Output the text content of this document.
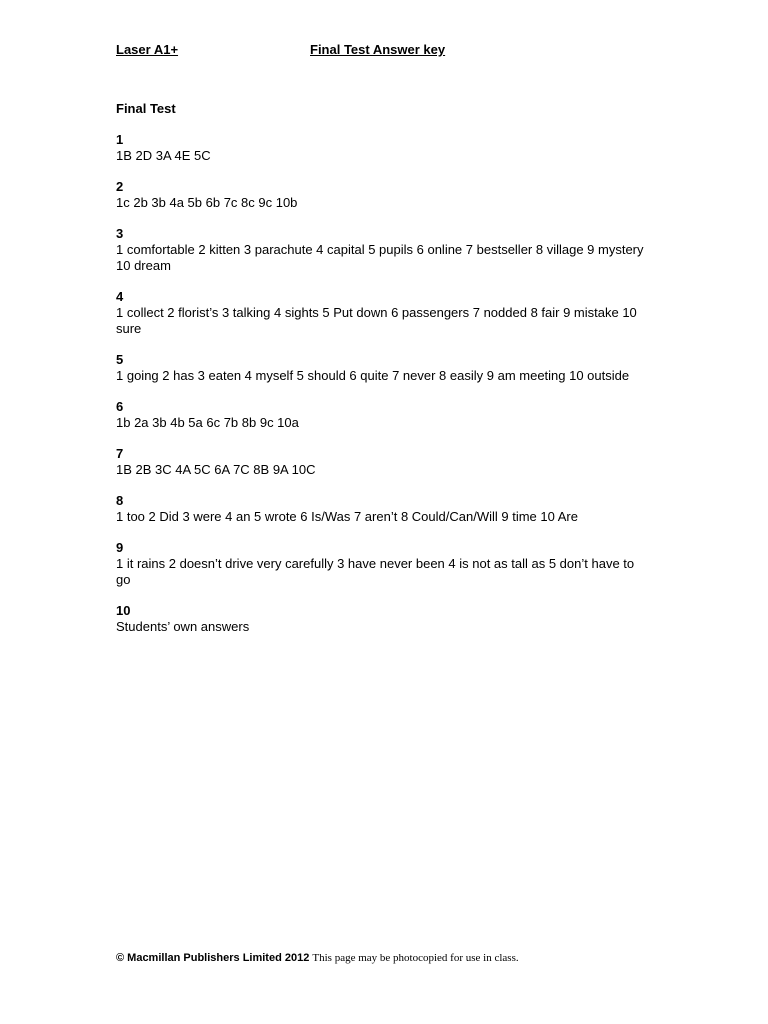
Laser A1+	Final Test Answer key
Final Test
1
1B 2D 3A 4E 5C
2
1c 2b 3b 4a 5b 6b 7c 8c 9c 10b
3
1 comfortable 2 kitten 3 parachute 4 capital 5 pupils 6 online 7 bestseller 8 village 9 mystery 10 dream
4
1 collect 2 florist’s 3 talking 4 sights 5 Put down 6 passengers 7 nodded 8 fair 9 mistake 10 sure
5
1 going 2 has 3 eaten 4 myself 5 should 6 quite 7 never 8 easily 9 am meeting 10 outside
6
1b 2a 3b 4b 5a 6c 7b 8b 9c 10a
7
1B 2B 3C 4A 5C 6A 7C 8B 9A 10C
8
1 too 2 Did 3 were 4 an 5 wrote 6 Is/Was 7 aren’t 8 Could/Can/Will 9 time 10 Are
9
1 it rains 2 doesn’t drive very carefully 3 have never been 4 is not as tall as 5 don’t have to go
10
Students’ own answers
© Macmillan Publishers Limited 2012 This page may be photocopied for use in class.
